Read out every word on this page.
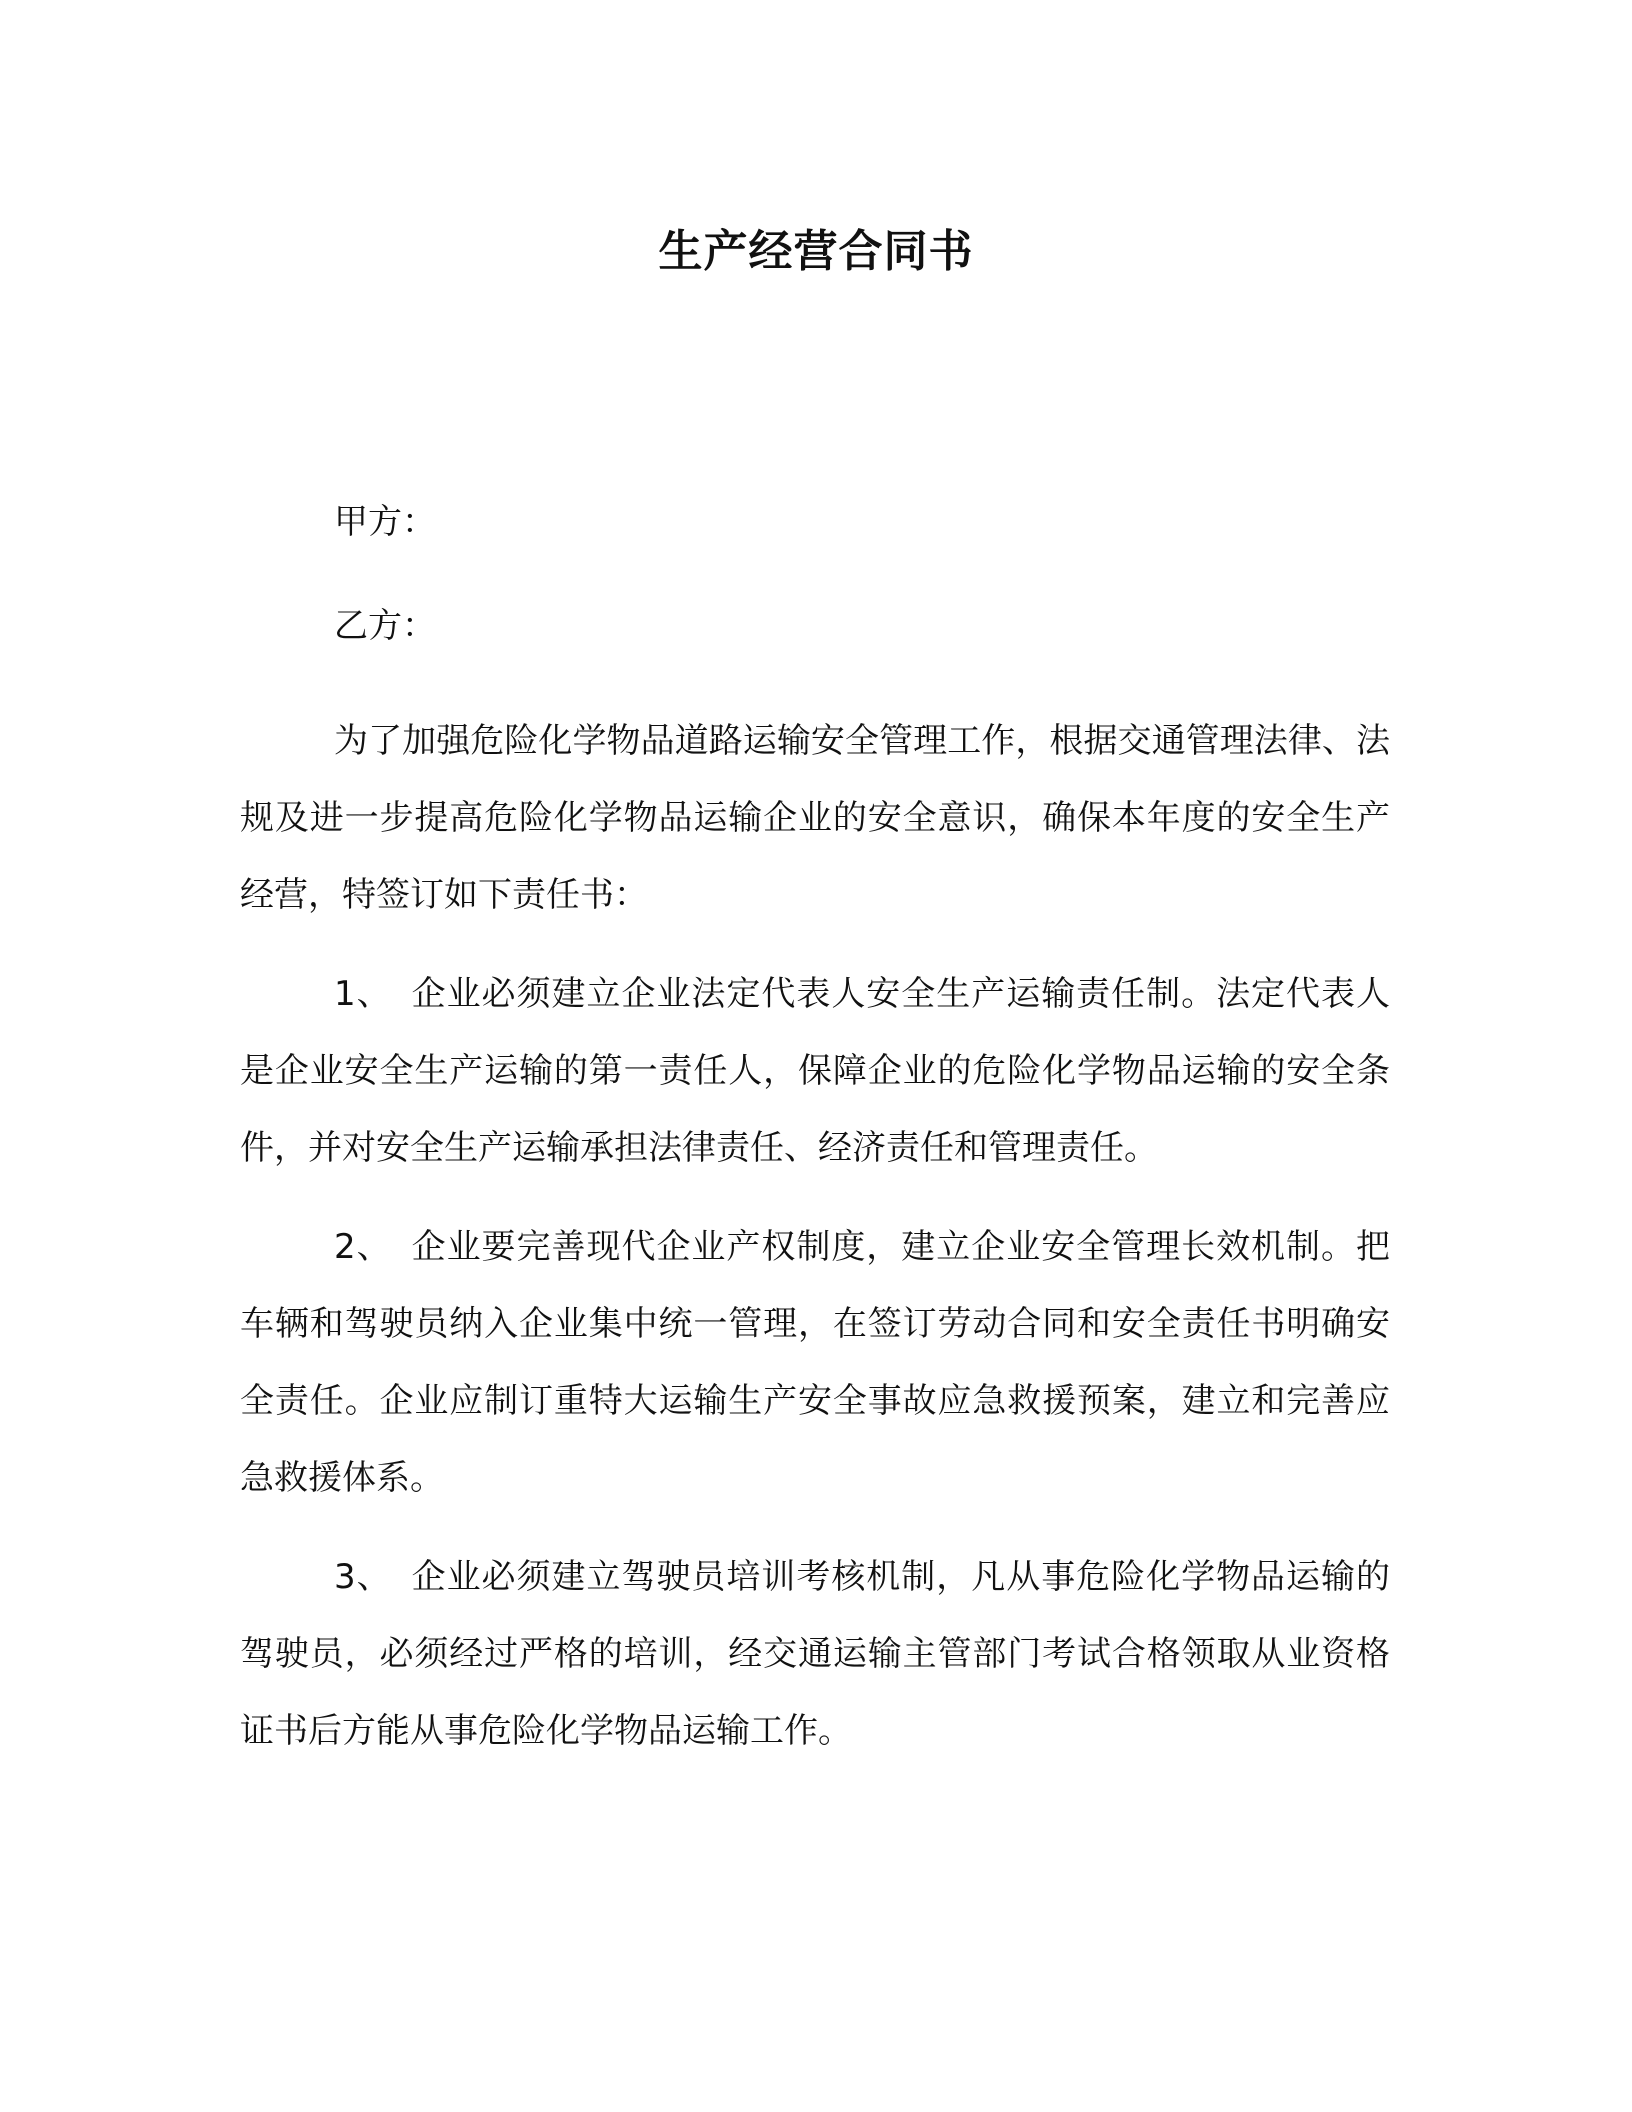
生产经营合同书
甲方：
乙方：

为了加强危险化学物品道路运输安全管理工作，根据交通管理法律、法规及进一步提高危险化学物品运输企业的安全意识，确保本年度的安全生产经营，特签订如下责任书：

1、 企业必须建立企业法定代表人安全生产运输责任制。法定代表人是企业安全生产运输的第一责任人，保障企业的危险化学物品运输的安全条件，并对安全生产运输承担法律责任、经济责任和管理责任。

2、 企业要完善现代企业产权制度，建立企业安全管理长效机制。把车辆和驾驶员纳入企业集中统一管理，在签订劳动合同和安全责任书明确安全责任。企业应制订重特大运输生产安全事故应急救援预案，建立和完善应急救援体系。

3、 企业必须建立驾驶员培训考核机制，凡从事危险化学物品运输的驾驶员，必须经过严格的培训，经交通运输主管部门考试合格领取从业资格证书后方能从事危险化学物品运输工作。
